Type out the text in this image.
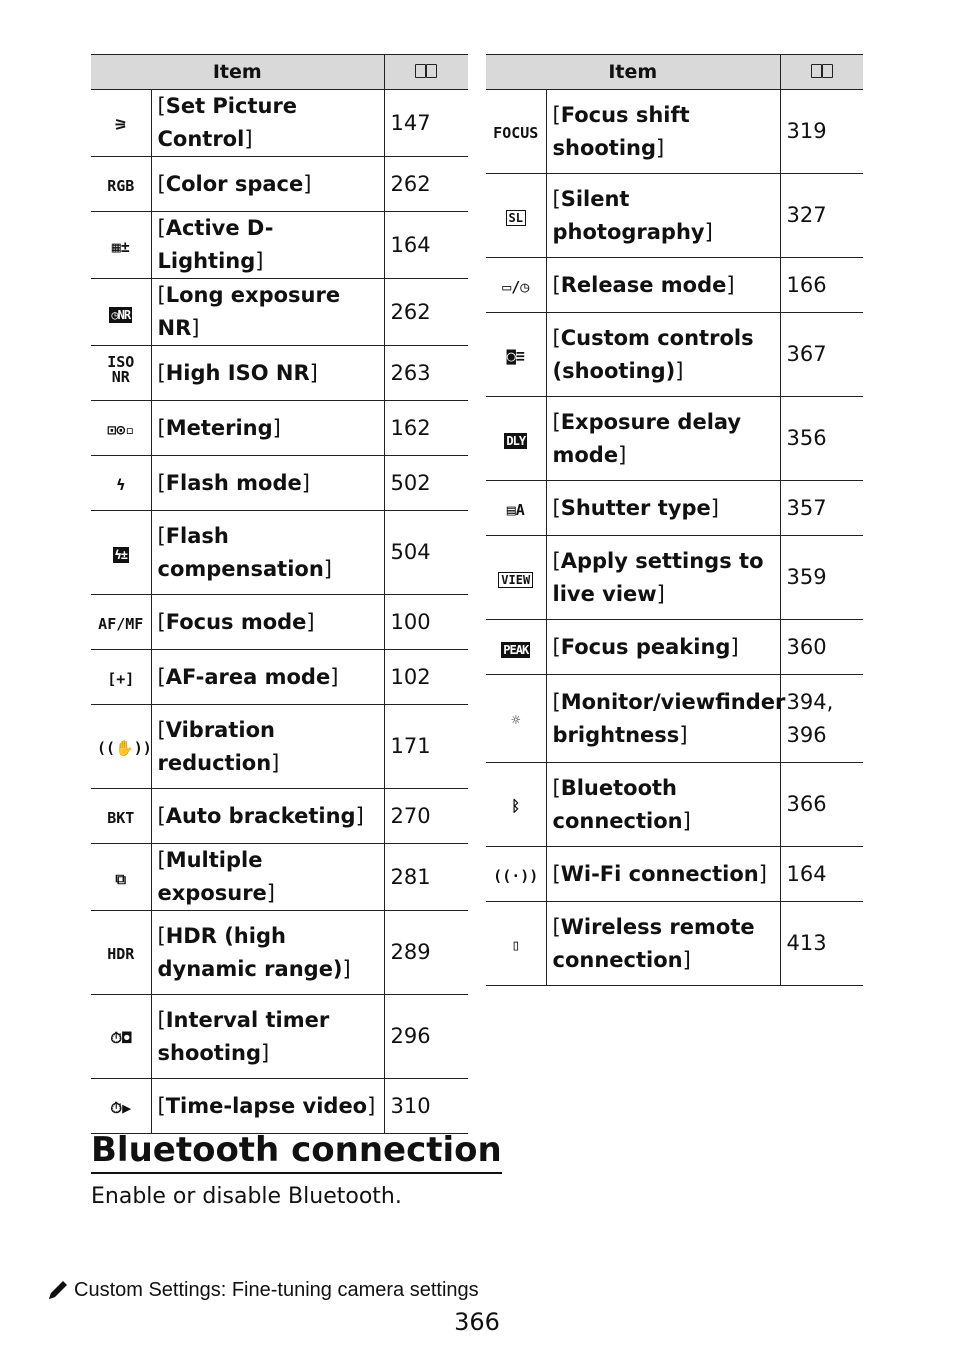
Item		
⚞	[Set Picture Control]	147
RGB	[Color space]	262
▦±	[Active D-Lighting]	164
◷NR	[Long exposure NR]	262
ISO NR	[High ISO NR]	263
⊡⊙▫	[Metering]	162
ϟ	[Flash mode]	502
ϟ±	[Flash compensation]	504
AF/MF	[Focus mode]	100
[+]	[AF-area mode]	102
((✋))	[Vibration reduction]	171
BKT	[Auto bracketing]	270
⧉	[Multiple exposure]	281
HDR	[HDR (high dynamic range)]	289
⏱◘	[Interval timer shooting]	296
⏱▶	[Time-lapse video]	310
Item		
FOCUS	[Focus shift shooting]	319
SL	[Silent photography]	327
▭/◷	[Release mode]	166
◙≡	[Custom controls (shooting)]	367
DLY	[Exposure delay mode]	356
▤A	[Shutter type]	357
VIEW	[Apply settings to live view]	359
PEAK	[Focus peaking]	360
☼	[Monitor/viewfinder brightness]	394,
396
ᛒ	[Bluetooth connection]	366
((·))	[Wi-Fi connection]	164
▯	[Wireless remote connection]	413
Bluetooth connection
Enable or disable Bluetooth.
Custom Settings: Fine-tuning camera settings
366
